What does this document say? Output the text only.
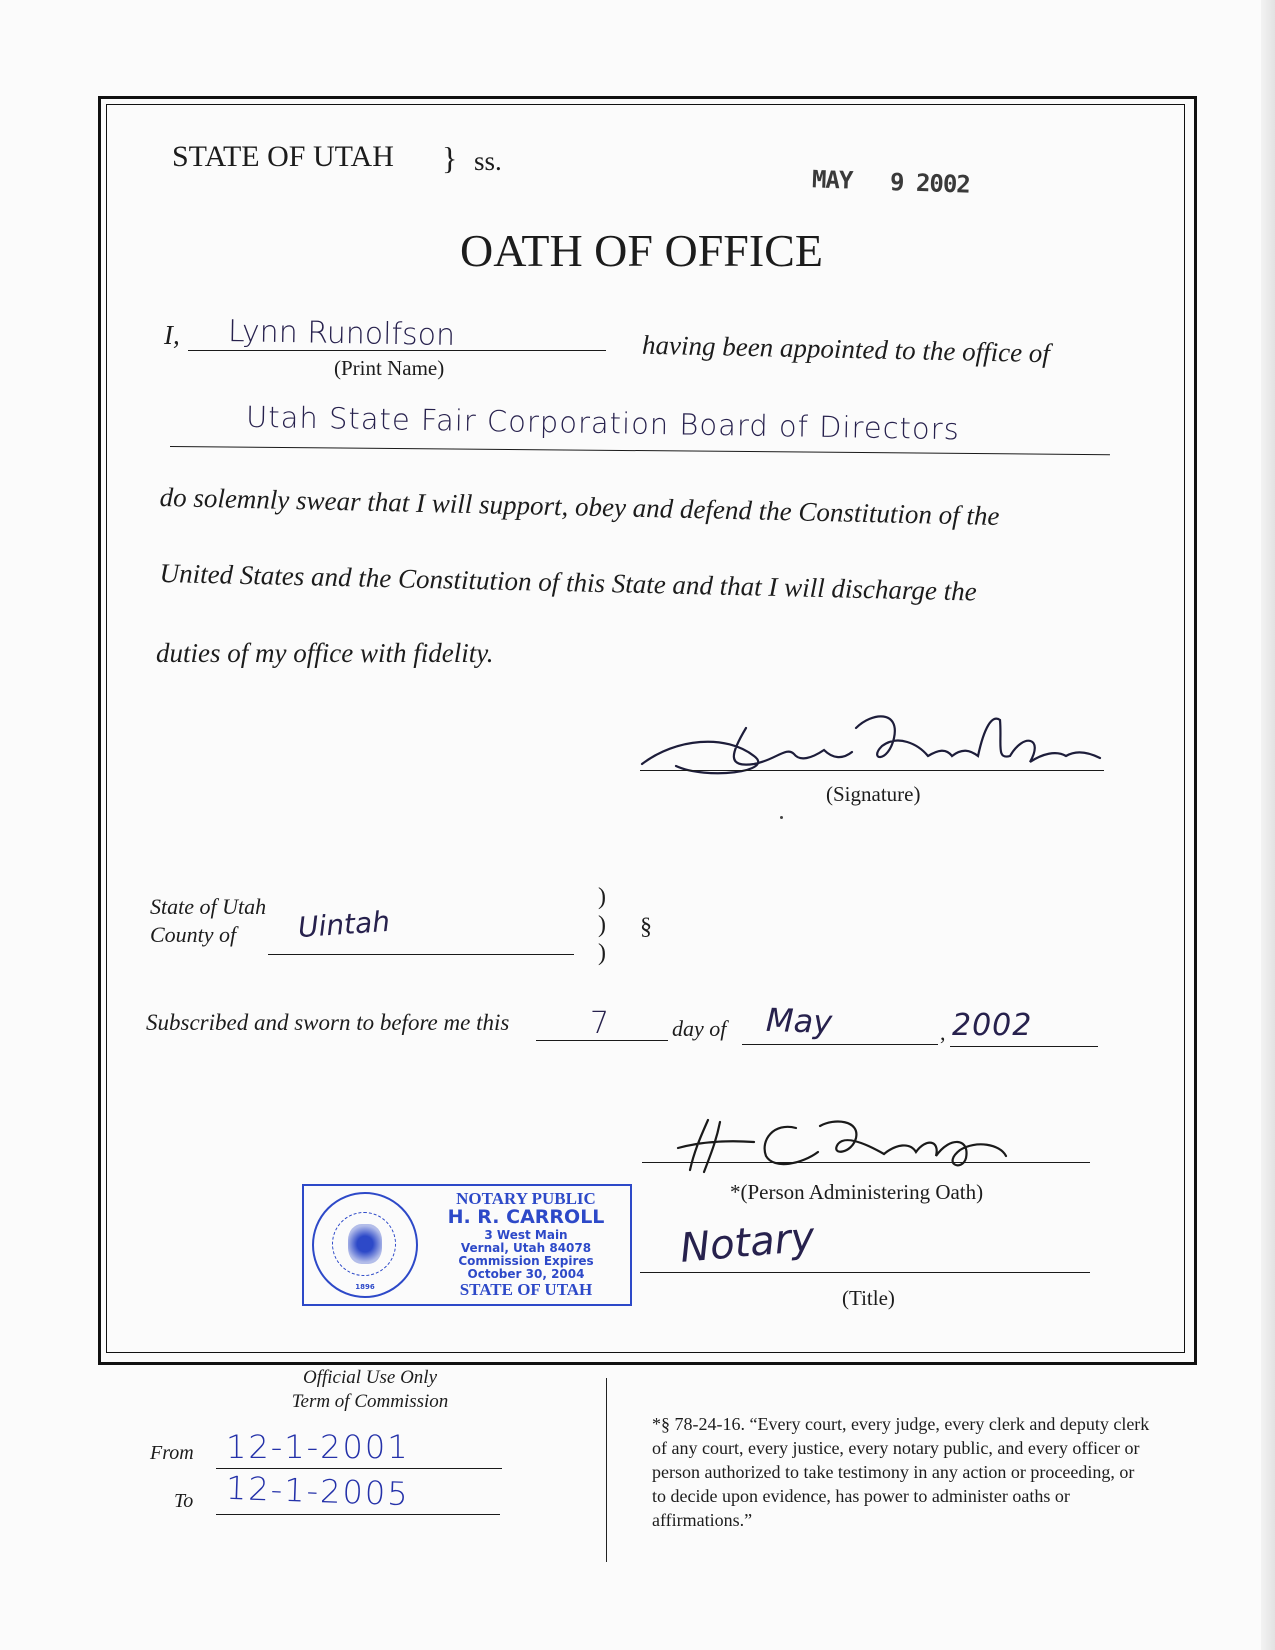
STATE OF UTAH } ss.
MAY 9 2002
OATH OF OFFICE
I, Lynn Runolfson
(Print Name)	having been appointed to the office of
Utah State Fair Corporation Board of Directors
do solemnly swear that I will support, obey and defend the Constitution of the
United States and the Constitution of this State and that I will discharge the
duties of my office with fidelity.
(Signature)
State of Utah
County of Uintah
)
)
)
§
Subscribed and sworn to before me this	7	day of May	, 2002
*(Person Administering Oath)
Notary
(Title)
1896
NOTARY PUBLIC
H. R. CARROLL
3 West Main
Vernal, Utah 84078
Commission Expires
October 30, 2004
STATE OF UTAH
Official Use Only
Term of Commission
From 12-1-2001
To 12-1-2005
*§ 78-24-16. “Every court, every judge, every clerk and deputy clerk of any court, every justice, every notary public, and every officer or person authorized to take testimony in any action or proceeding, or to decide upon evidence, has power to administer oaths or affirmations.”
